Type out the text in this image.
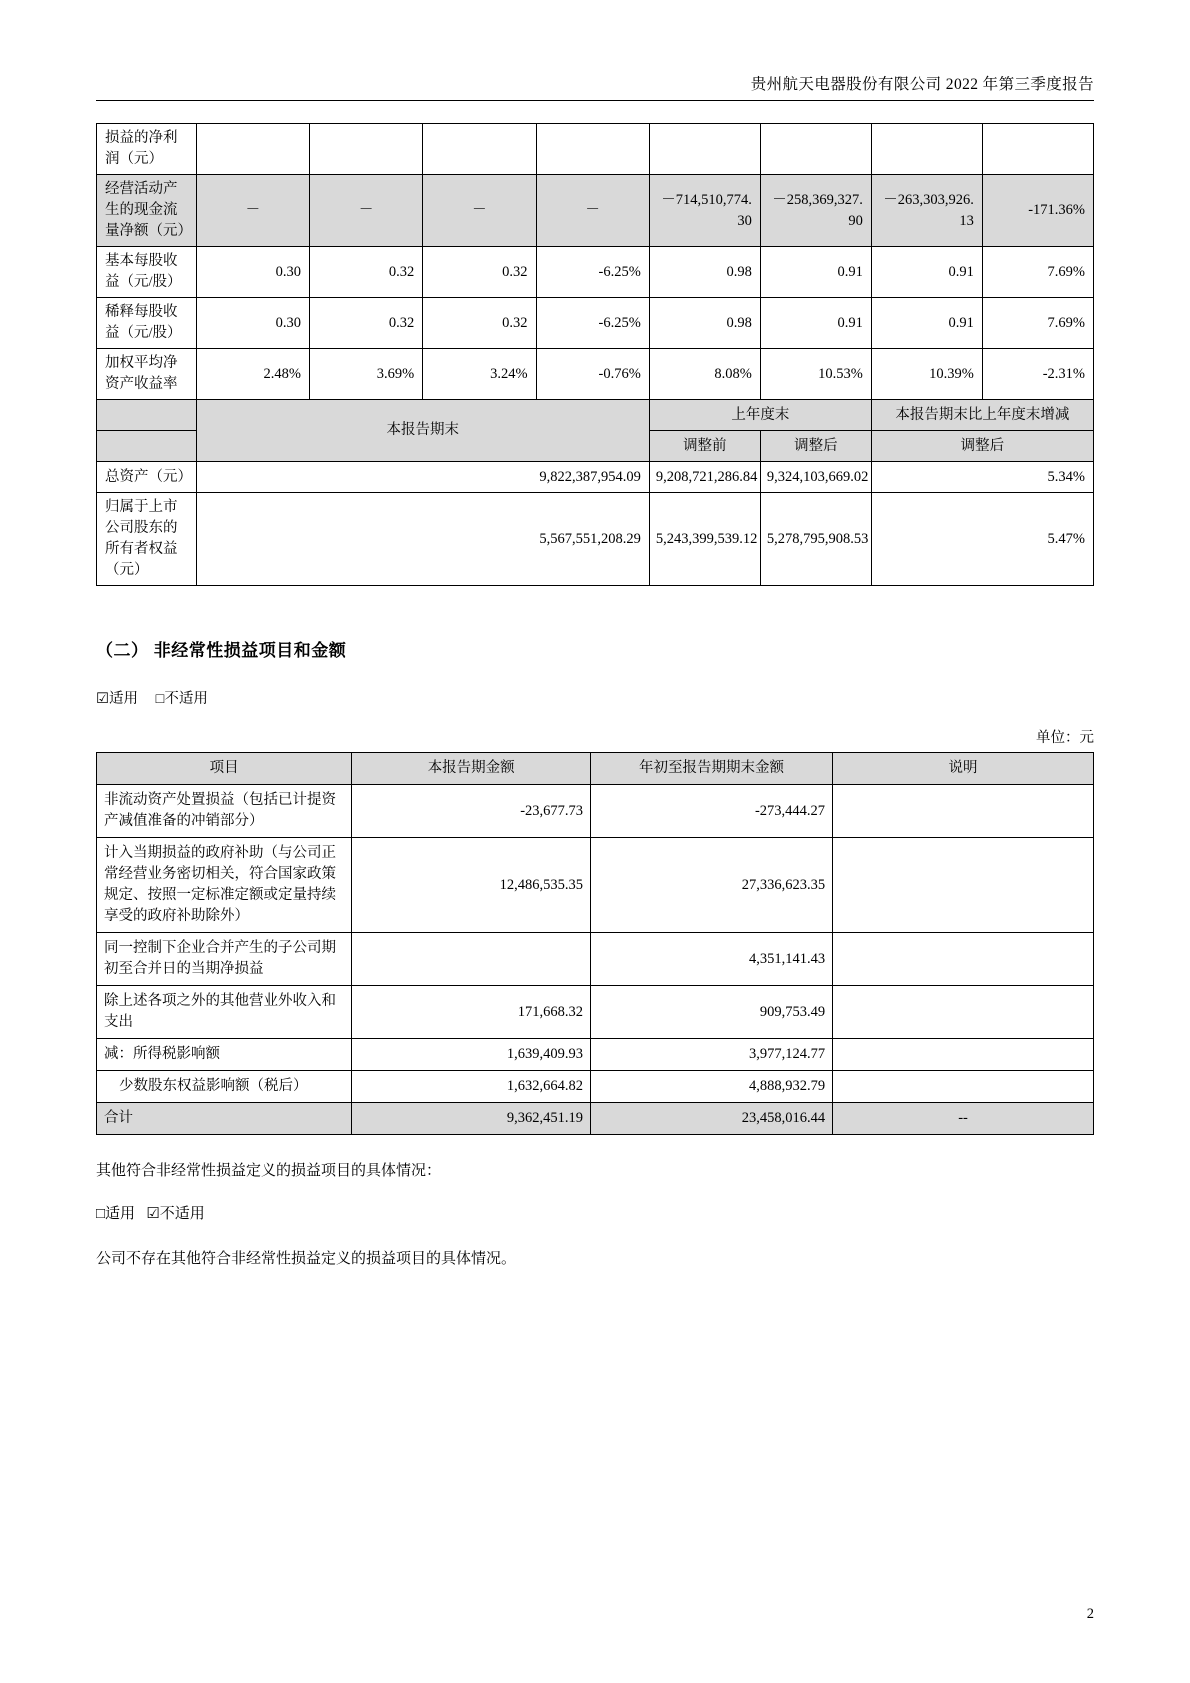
贵州航天电器股份有限公司 2022 年第三季度报告
损益的净利润（元）								
经营活动产生的现金流量净额（元）	－	－	－	－	－714,510,774.30	－258,369,327.90	－263,303,926.13	-171.36%
基本每股收益（元/股）	0.30	0.32	0.32	-6.25%	0.98	0.91	0.91	7.69%
稀释每股收益（元/股）	0.30	0.32	0.32	-6.25%	0.98	0.91	0.91	7.69%
加权平均净资产收益率	2.48%	3.69%	3.24%	-0.76%	8.08%	10.53%	10.39%	-2.31%
	本报告期末				上年度末		本报告期末比上年度末增减	
					调整前	调整后	调整后	
总资产（元）	9,822,387,954.09				9,208,721,286.84	9,324,103,669.02	5.34%	
归属于上市公司股东的所有者权益（元）	5,567,551,208.29				5,243,399,539.12	5,278,795,908.53	5.47%	
（二） 非经常性损益项目和金额
☑适用 □不适用
单位：元
项目	本报告期金额	年初至报告期期末金额	说明
非流动资产处置损益（包括已计提资产减值准备的冲销部分）	-23,677.73	-273,444.27	
计入当期损益的政府补助（与公司正常经营业务密切相关，符合国家政策规定、按照一定标准定额或定量持续享受的政府补助除外）	12,486,535.35	27,336,623.35	
同一控制下企业合并产生的子公司期初至合并日的当期净损益		4,351,141.43	
除上述各项之外的其他营业外收入和支出	171,668.32	909,753.49	
减：所得税影响额	1,639,409.93	3,977,124.77	
少数股东权益影响额（税后）	1,632,664.82	4,888,932.79	
合计	9,362,451.19	23,458,016.44	--
其他符合非经常性损益定义的损益项目的具体情况：
□适用 ☑不适用
公司不存在其他符合非经常性损益定义的损益项目的具体情况。
2
